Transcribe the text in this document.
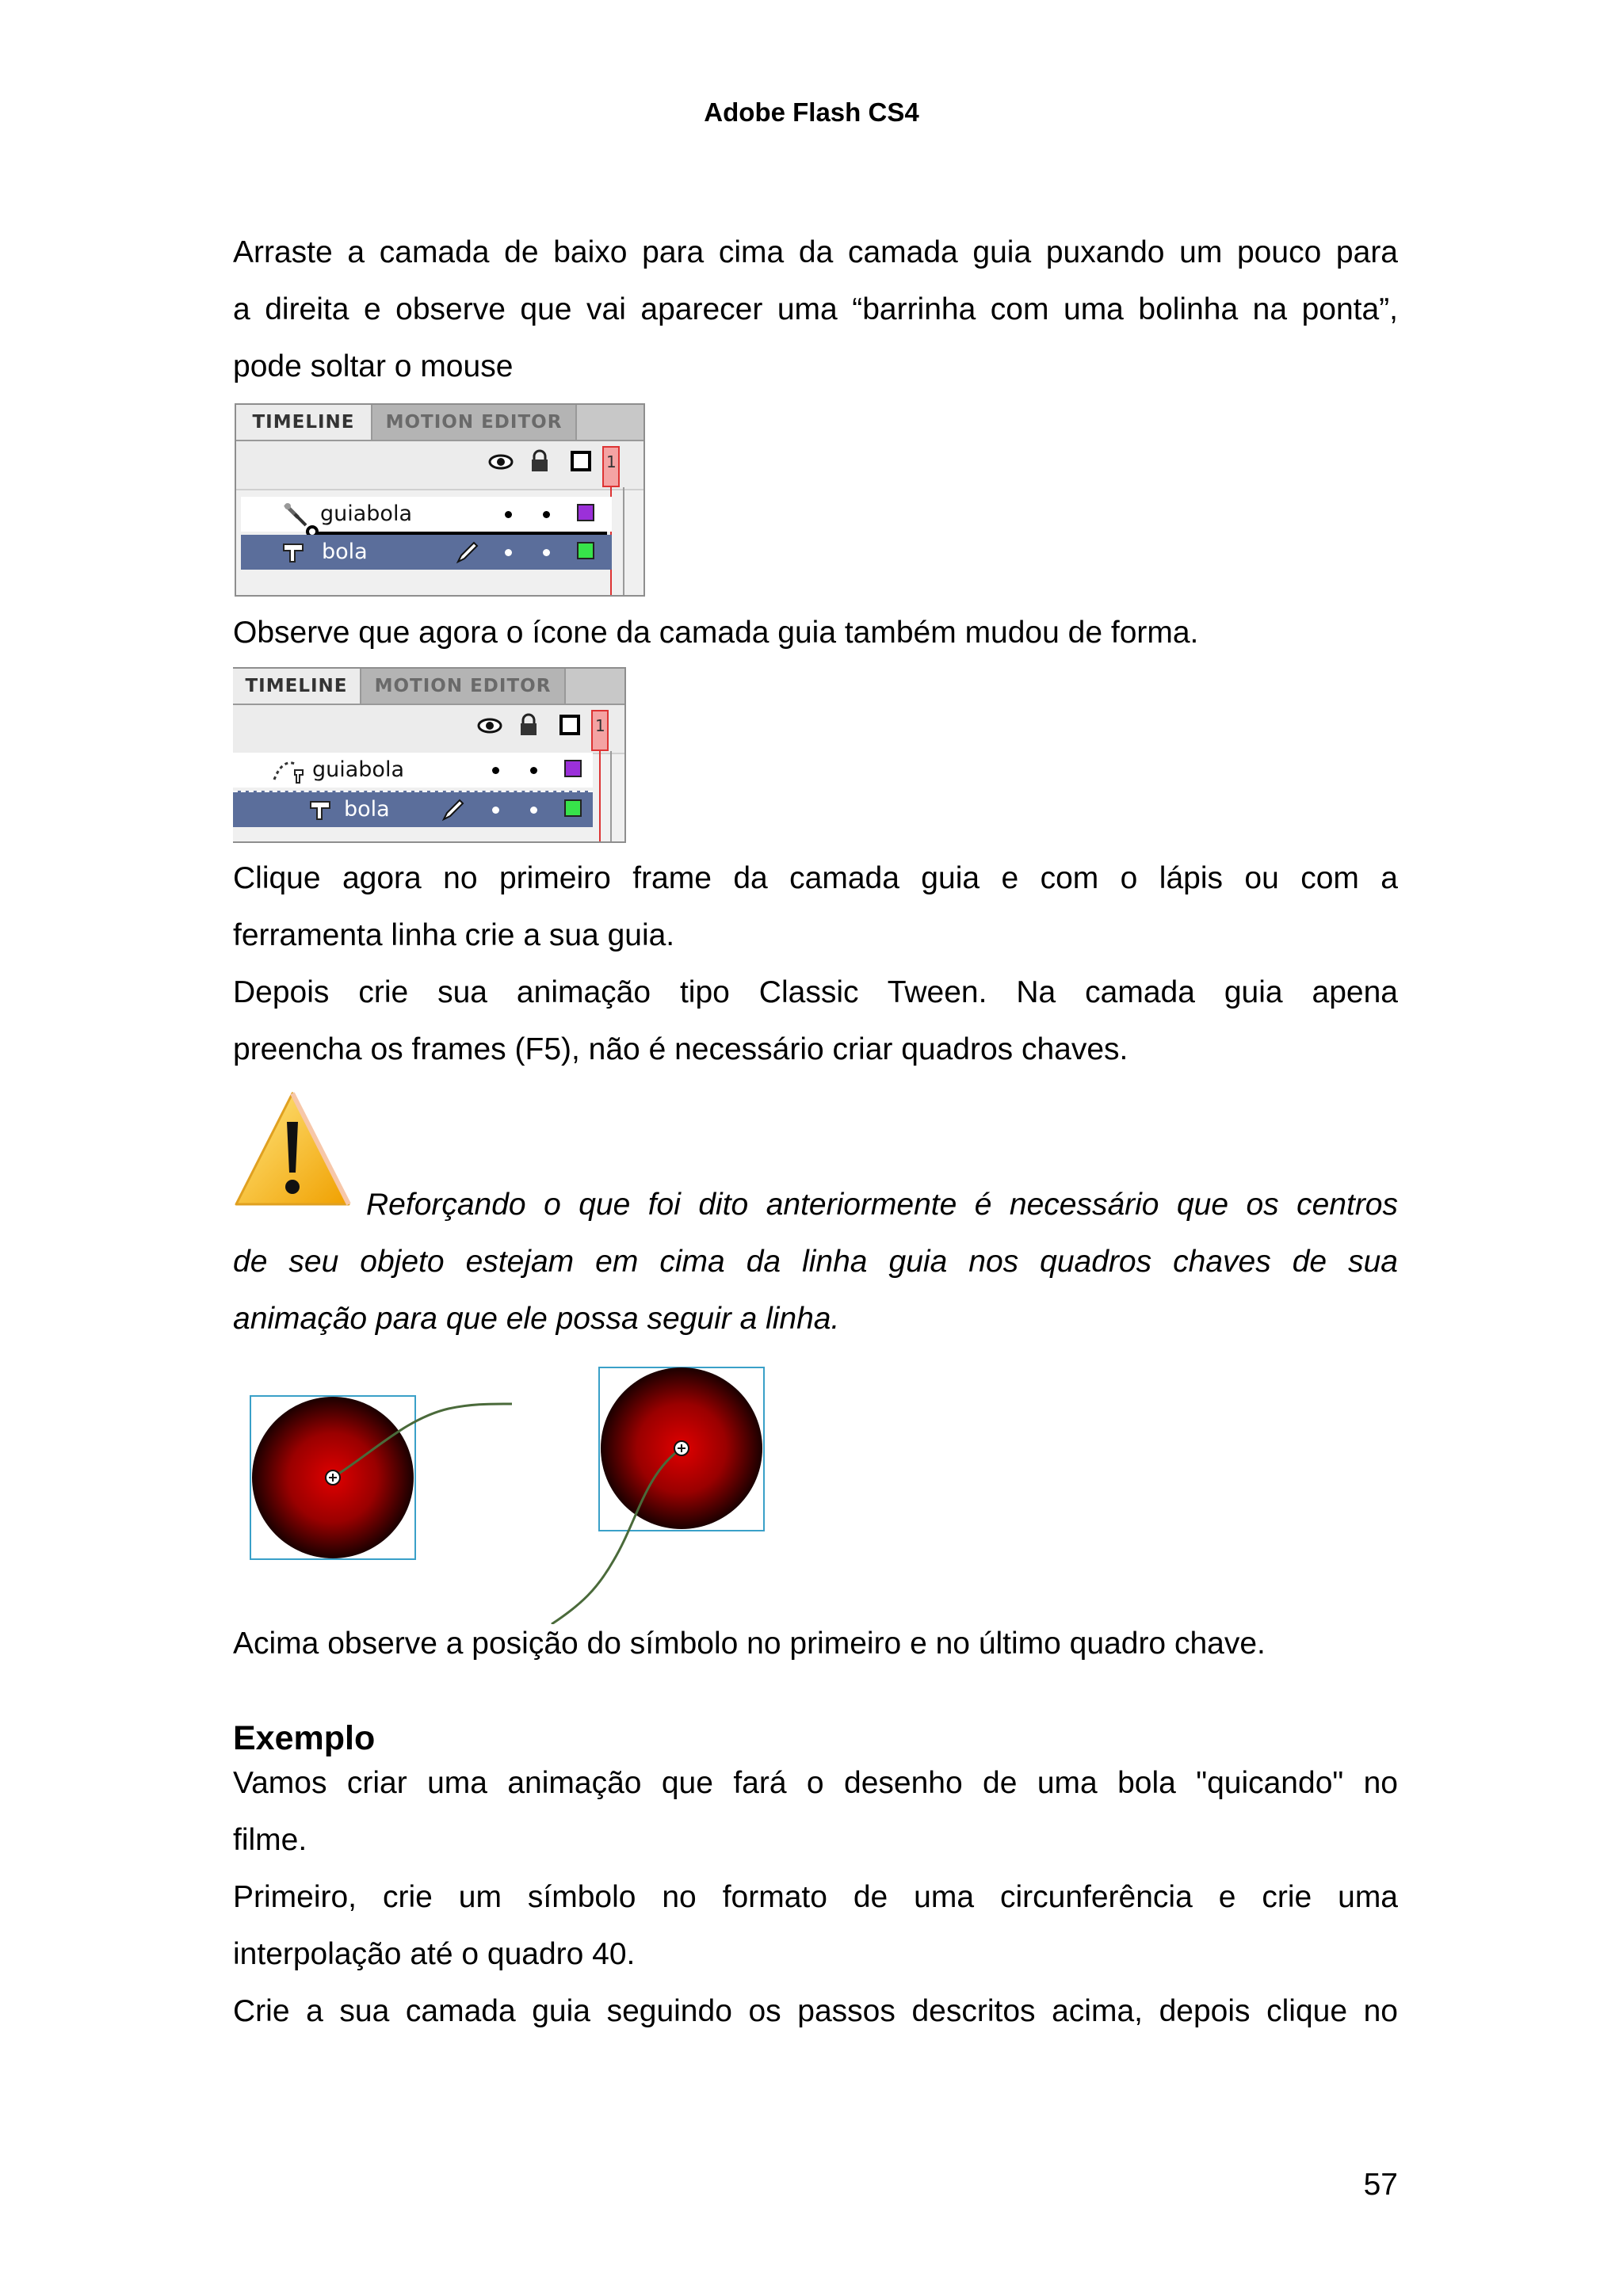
Adobe Flash CS4
Arraste a camada de baixo para cima da camada guia puxando um pouco para
a direita e observe que vai aparecer uma “barrinha com uma bolinha na ponta”,
pode soltar o mouse
TIMELINE	MOTION EDITOR
1
guiabola
bola
Observe que agora o ícone da camada guia também mudou de forma.
TIMELINE	MOTION EDITOR
1
guiabola
bola
Clique agora no primeiro frame da camada guia e com o lápis ou com a
ferramenta linha crie a sua guia.
Depois crie sua animação tipo Classic Tween. Na camada guia apena
preencha os frames (F5), não é necessário criar quadros chaves.
Reforçando o que foi dito anteriormente é necessário que os centros
de seu objeto estejam em cima da linha guia nos quadros chaves de sua
animação para que ele possa seguir a linha.
Acima observe a posição do símbolo no primeiro e no último quadro chave.
Exemplo
Vamos criar uma animação que fará o desenho de uma bola "quicando" no
filme.
Primeiro, crie um símbolo no formato de uma circunferência e crie uma
interpolação até o quadro 40.
Crie a sua camada guia seguindo os passos descritos acima, depois clique no
57
